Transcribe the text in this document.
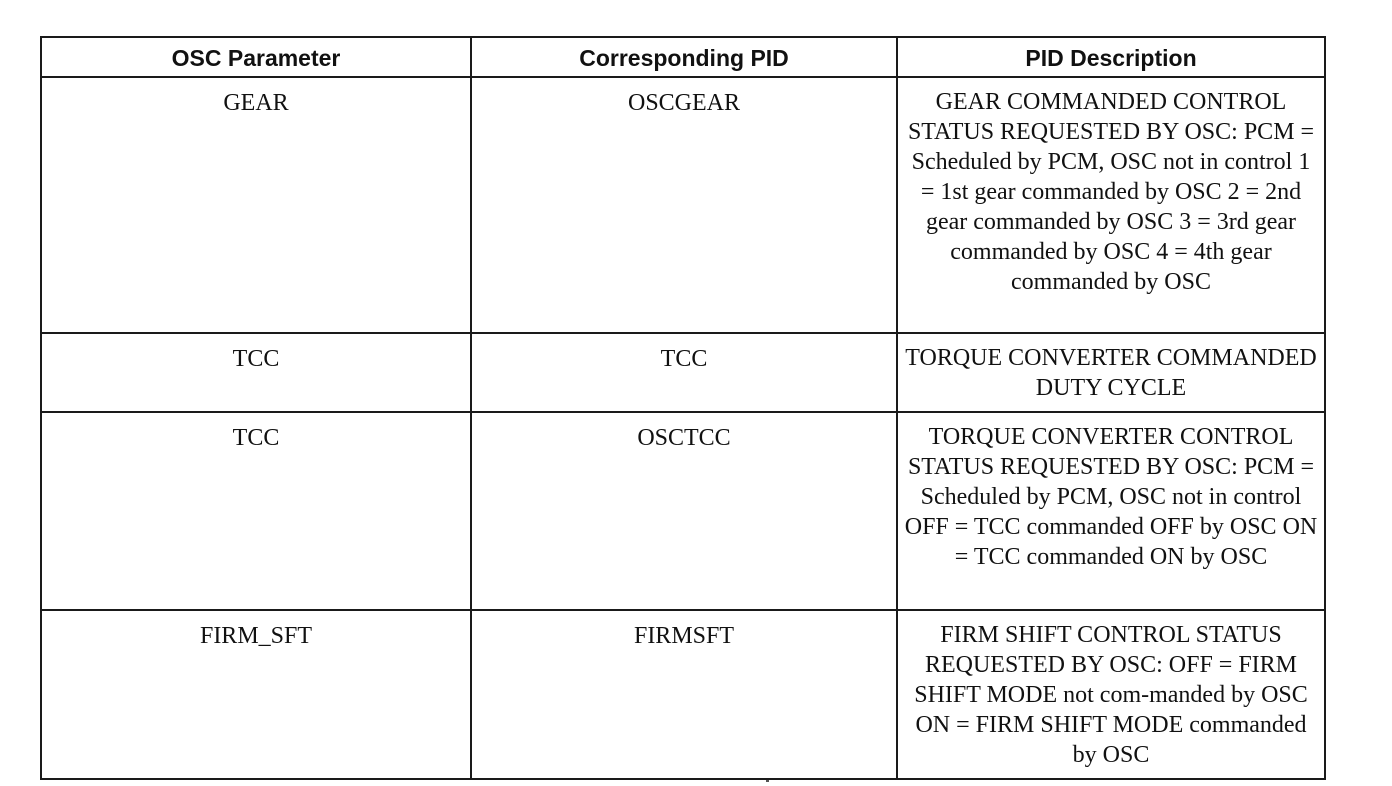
OSC Parameter	Corresponding PID	PID Description
GEAR	OSCGEAR	GEAR COMMANDED CONTROL STATUS REQUESTED BY OSC: PCM = Scheduled by PCM, OSC not in control 1 = 1st gear commanded by OSC 2 = 2nd gear commanded by OSC 3 = 3rd gear commanded by OSC 4 = 4th gear commanded by OSC
TCC	TCC	TORQUE CONVERTER COMMANDED DUTY CYCLE
TCC	OSCTCC	TORQUE CONVERTER CONTROL STATUS REQUESTED BY OSC: PCM = Scheduled by PCM, OSC not in control OFF = TCC commanded OFF by OSC ON = TCC commanded ON by OSC
FIRM_SFT	FIRMSFT	FIRM SHIFT CONTROL STATUS REQUESTED BY OSC: OFF = FIRM SHIFT MODE not com-manded by OSC ON = FIRM SHIFT MODE commanded by OSC
